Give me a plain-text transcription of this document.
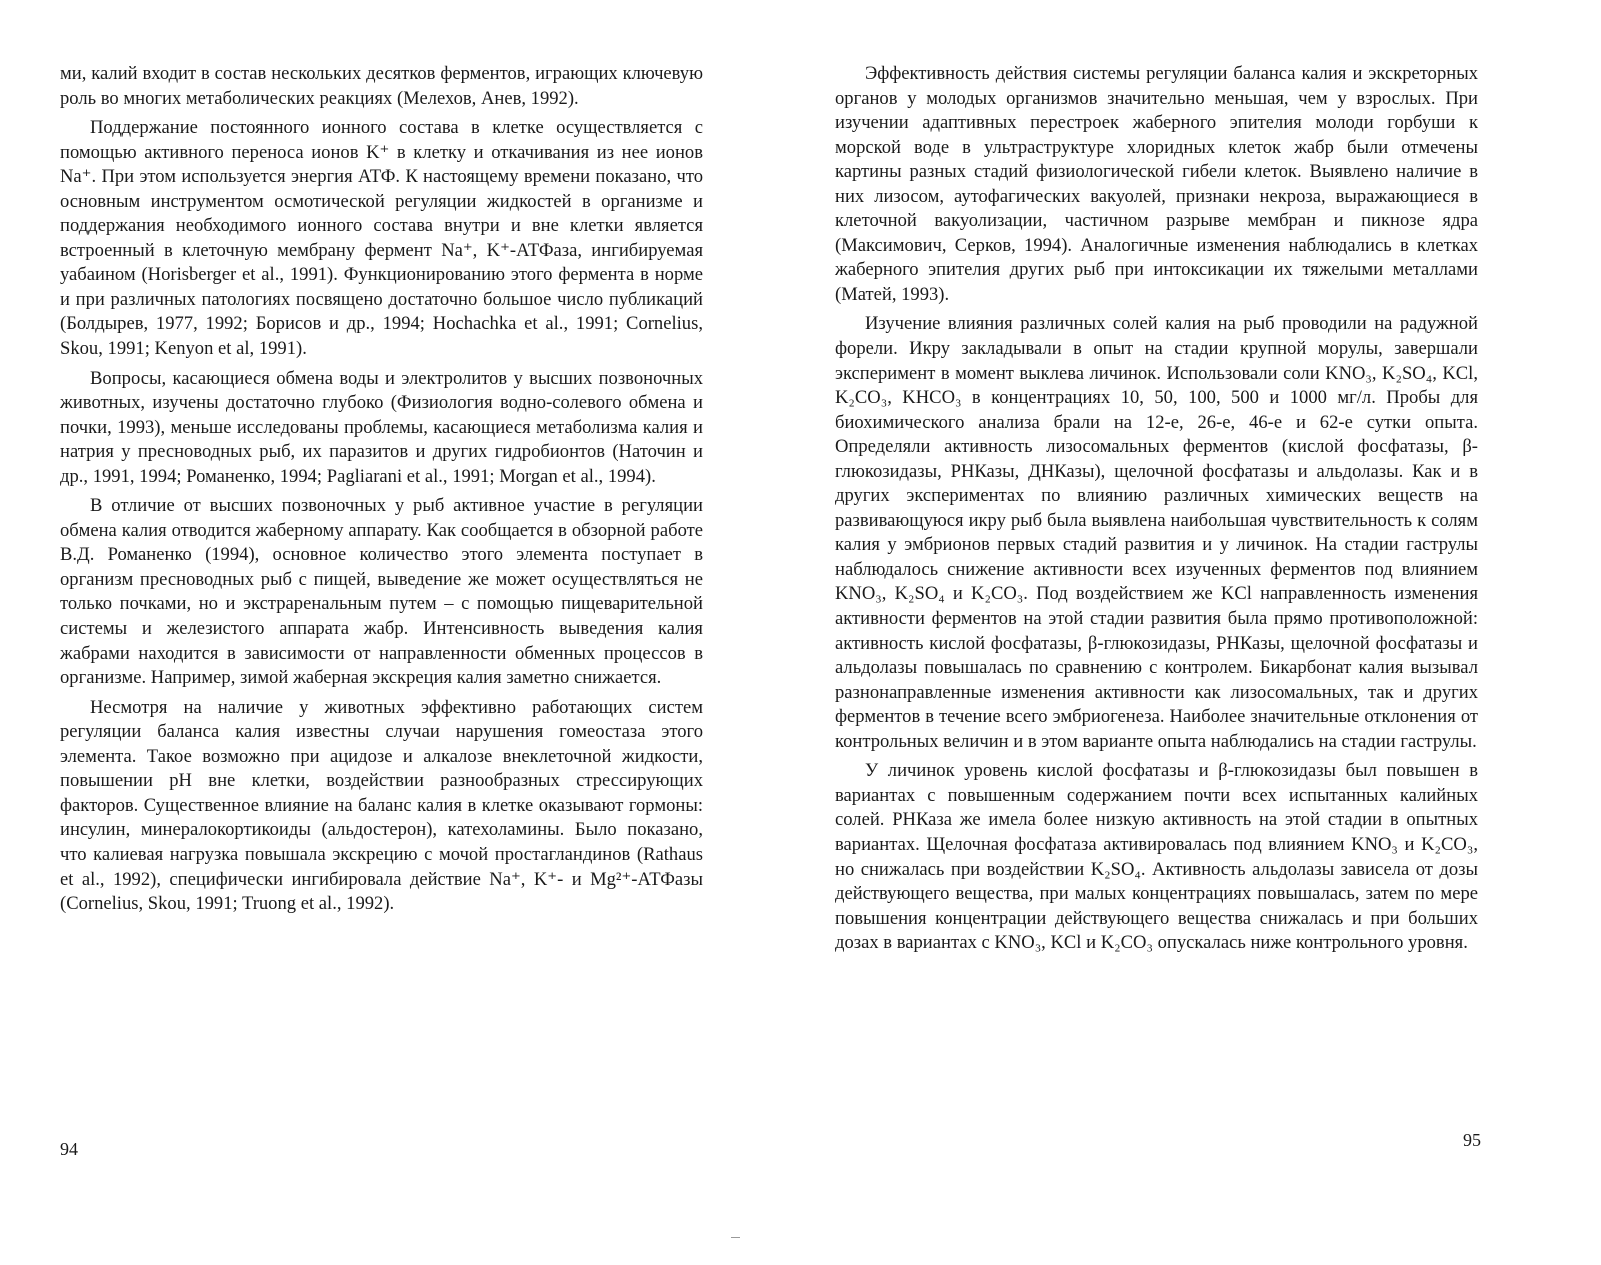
ми, калий входит в состав нескольких десятков ферментов, играющих ключевую роль во многих метаболических реакциях (Мелехов, Анев, 1992).

Поддержание постоянного ионного состава в клетке осуществляется с помощью активного переноса ионов K⁺ в клетку и откачивания из нее ионов Na⁺. При этом используется энергия АТФ. К настоящему времени показано, что основным инструментом осмотической регуляции жидкостей в организме и поддержания необходимого ионного состава внутри и вне клетки является встроенный в клеточную мембрану фермент Na⁺, K⁺-АТФаза, ингибируемая уабаином (Horisberger et al., 1991). Функционированию этого фермента в норме и при различных патологиях посвящено достаточно большое число публикаций (Болдырев, 1977, 1992; Борисов и др., 1994; Hochachka et al., 1991; Cornelius, Skou, 1991; Kenyon et al, 1991).

Вопросы, касающиеся обмена воды и электролитов у высших позвоночных животных, изучены достаточно глубоко (Физиология водно-солевого обмена и почки, 1993), меньше исследованы проблемы, касающиеся метаболизма калия и натрия у пресноводных рыб, их паразитов и других гидробионтов (Наточин и др., 1991, 1994; Романенко, 1994; Pagliarani et al., 1991; Morgan et al., 1994).

В отличие от высших позвоночных у рыб активное участие в регуляции обмена калия отводится жаберному аппарату. Как сообщается в обзорной работе В.Д. Романенко (1994), основное количество этого элемента поступает в организм пресноводных рыб с пищей, выведение же может осуществляться не только почками, но и экстраренальным путем – с помощью пищеварительной системы и железистого аппарата жабр. Интенсивность выведения калия жабрами находится в зависимости от направленности обменных процессов в организме. Например, зимой жаберная экскреция калия заметно снижается.

Несмотря на наличие у животных эффективно работающих систем регуляции баланса калия известны случаи нарушения гомеостаза этого элемента. Такое возможно при ацидозе и алкалозе внеклеточной жидкости, повышении pH вне клетки, воздействии разнообразных стрессирующих факторов. Существенное влияние на баланс калия в клетке оказывают гормоны: инсулин, минералокортикоиды (альдостерон), катехоламины. Было показано, что калиевая нагрузка повышала экскрецию с мочой простагландинов (Rathaus et al., 1992), специфически ингибировала действие Na⁺, K⁺- и Mg²⁺-АТФазы (Cornelius, Skou, 1991; Truong et al., 1992).

94

Эффективность действия системы регуляции баланса калия и экскреторных органов у молодых организмов значительно меньшая, чем у взрослых. При изучении адаптивных перестроек жаберного эпителия молоди горбуши к морской воде в ультраструктуре хлоридных клеток жабр были отмечены картины разных стадий физиологической гибели клеток. Выявлено наличие в них лизосом, аутофагических вакуолей, признаки некроза, выражающиеся в клеточной вакуолизации, частичном разрыве мембран и пикнозе ядра (Максимович, Серков, 1994). Аналогичные изменения наблюдались в клетках жаберного эпителия других рыб при интоксикации их тяжелыми металлами (Матей, 1993).

Изучение влияния различных солей калия на рыб проводили на радужной форели. Икру закладывали в опыт на стадии крупной морулы, завершали эксперимент в момент выклева личинок. Использовали соли KNO₃, K₂SO₄, KCl, K₂CO₃, KHCO₃ в концентрациях 10, 50, 100, 500 и 1000 мг/л. Пробы для биохимического анализа брали на 12-е, 26-е, 46-е и 62-е сутки опыта. Определяли активность лизосомальных ферментов (кислой фосфатазы, β-глюкозидазы, РНКазы, ДНКазы), щелочной фосфатазы и альдолазы. Как и в других экспериментах по влиянию различных химических веществ на развивающуюся икру рыб была выявлена наибольшая чувствительность к солям калия у эмбрионов первых стадий развития и у личинок. На стадии гаструлы наблюдалось снижение активности всех изученных ферментов под влиянием KNO₃, K₂SO₄ и K₂CO₃. Под воздействием же KCl направленность изменения активности ферментов на этой стадии развития была прямо противоположной: активность кислой фосфатазы, β-глюкозидазы, РНКазы, щелочной фосфатазы и альдолазы повышалась по сравнению с контролем. Бикарбонат калия вызывал разнонаправленные изменения активности как лизосомальных, так и других ферментов в течение всего эмбриогенеза. Наиболее значительные отклонения от контрольных величин и в этом варианте опыта наблюдались на стадии гаструлы.

У личинок уровень кислой фосфатазы и β-глюкозидазы был повышен в вариантах с повышенным содержанием почти всех испытанных калийных солей. РНКаза же имела более низкую активность на этой стадии в опытных вариантах. Щелочная фосфатаза активировалась под влиянием KNO₃ и K₂CO₃, но снижалась при воздействии K₂SO₄. Активность альдолазы зависела от дозы действующего вещества, при малых концентрациях повышалась, затем по мере повышения концентрации действующего вещества снижалась и при больших дозах в вариантах с KNO₃, KCl и K₂CO₃ опускалась ниже контрольного уровня.

95
